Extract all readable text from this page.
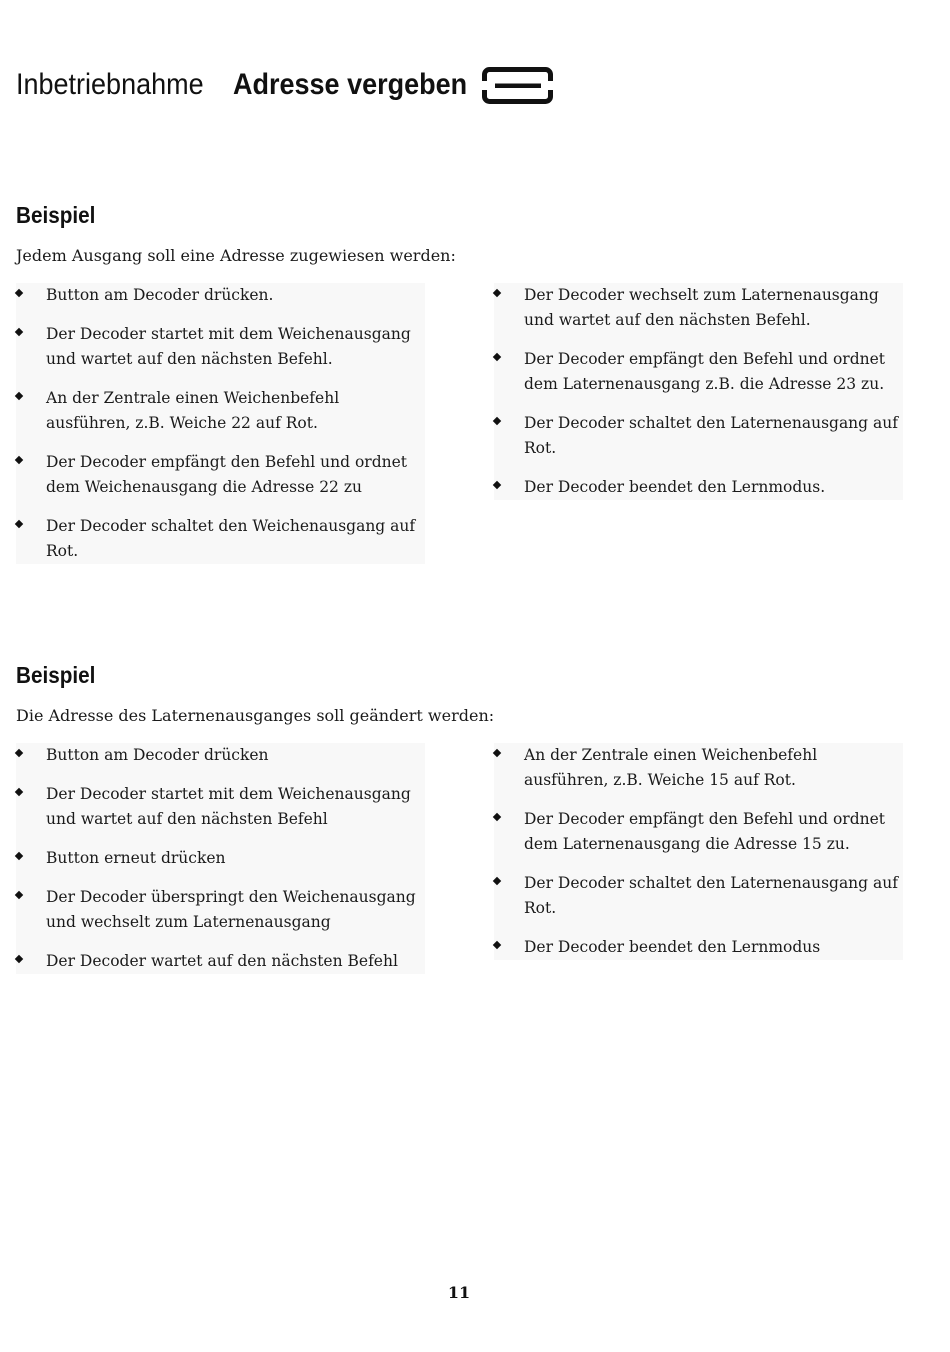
Inbetriebnahme Adresse vergeben
Beispiel
Jedem Ausgang soll eine Adresse zugewiesen werden:
Button am Decoder drücken.
Der Decoder startet mit dem Weichenausgang und wartet auf den nächsten Befehl.
An der Zentrale einen Weichenbefehl ausführen, z.B. Weiche 22 auf Rot.
Der Decoder empfängt den Befehl und ordnet dem Weichenausgang die Adresse 22 zu
Der Decoder schaltet den Weichenausgang auf Rot.
Der Decoder wechselt zum Laternenausgang und wartet auf den nächsten Befehl.
Der Decoder empfängt den Befehl und ordnet dem Laternenausgang z.B. die Adresse 23 zu.
Der Decoder schaltet den Laternenausgang auf Rot.
Der Decoder beendet den Lernmodus.
Beispiel
Die Adresse des Laternenausganges soll geändert werden:
Button am Decoder drücken
Der Decoder startet mit dem Weichenausgang und wartet auf den nächsten Befehl
Button erneut drücken
Der Decoder überspringt den Weichenausgang und wechselt zum Laternenausgang
Der Decoder wartet auf den nächsten Befehl
An der Zentrale einen Weichenbefehl ausführen, z.B. Weiche 15 auf Rot.
Der Decoder empfängt den Befehl und ordnet dem Laternenausgang die Adresse 15 zu.
Der Decoder schaltet den Laternenausgang auf Rot.
Der Decoder beendet den Lernmodus
11
